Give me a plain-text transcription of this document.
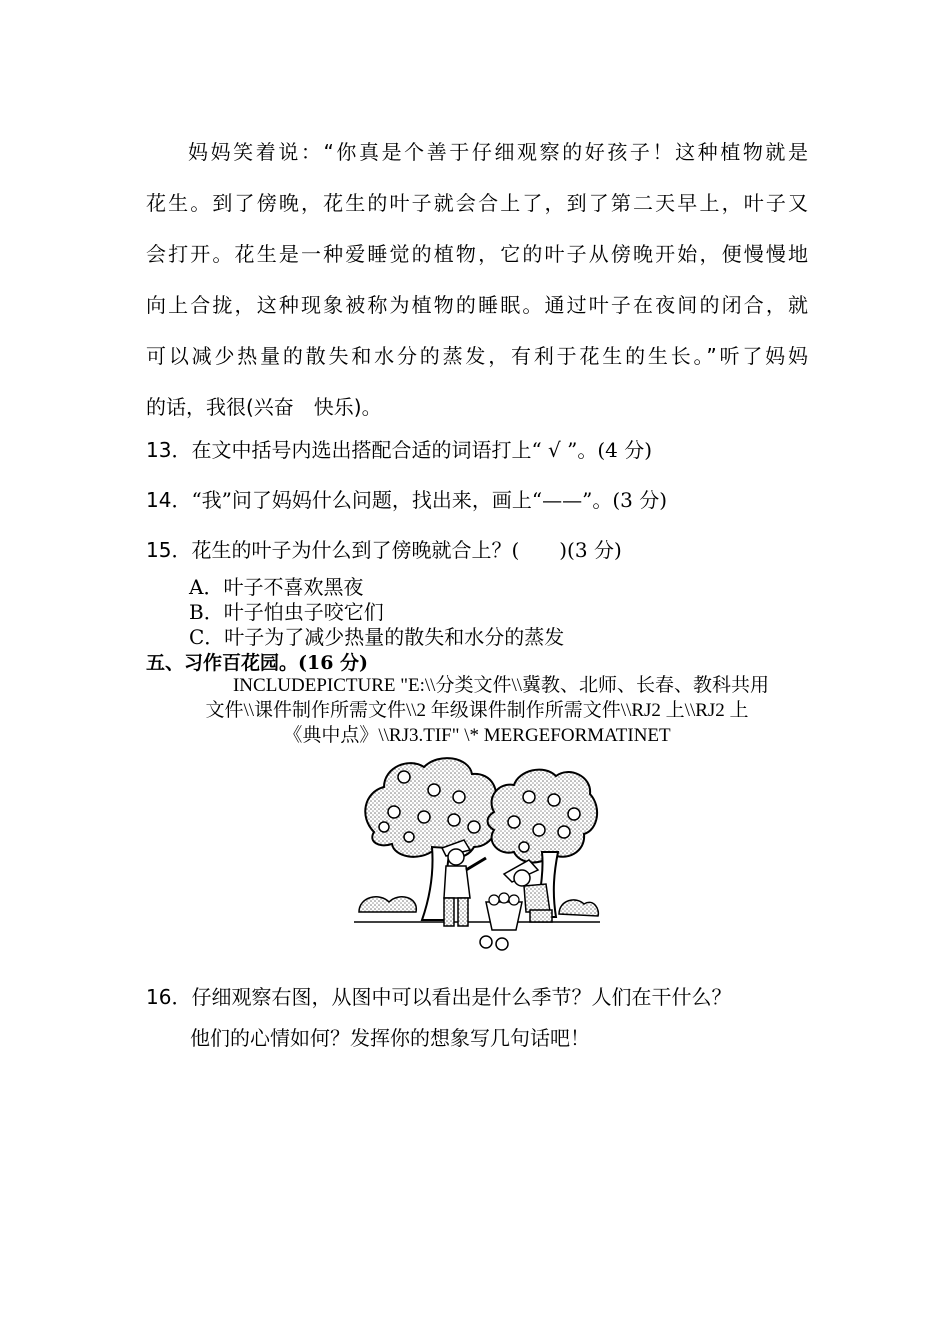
妈妈笑着说：“你真是个善于仔细观察的好孩子！这种植物就是

花生。到了傍晚，花生的叶子就会合上了，到了第二天早上，叶子又

会打开。花生是一种爱睡觉的植物，它的叶子从傍晚开始，便慢慢地

向上合拢，这种现象被称为植物的睡眠。通过叶子在夜间的闭合，就

可以减少热量的散失和水分的蒸发，有利于花生的生长。”听了妈妈

的话，我很(兴奋　快乐)。

13．在文中括号内选出搭配合适的词语打上“ √ ”。(4 分)
14．“我”问了妈妈什么问题，找出来，画上“——”。(3 分)
15．花生的叶子为什么到了傍晚就合上？(　　)(3 分)
A．叶子不喜欢黑夜
B．叶子怕虫子咬它们
C．叶子为了减少热量的散失和水分的蒸发
五、习作百花园。(16 分)
INCLUDEPICTURE "E:\\分类文件\\冀教、北师、长春、教科共用
文件\\课件制作所需文件\\2 年级课件制作所需文件\\RJ2 上\\RJ2 上
《典中点》\\RJ3.TIF" \* MERGEFORMATINET
16．仔细观察右图，从图中可以看出是什么季节？人们在干什么？
他们的心情如何？发挥你的想象写几句话吧！
